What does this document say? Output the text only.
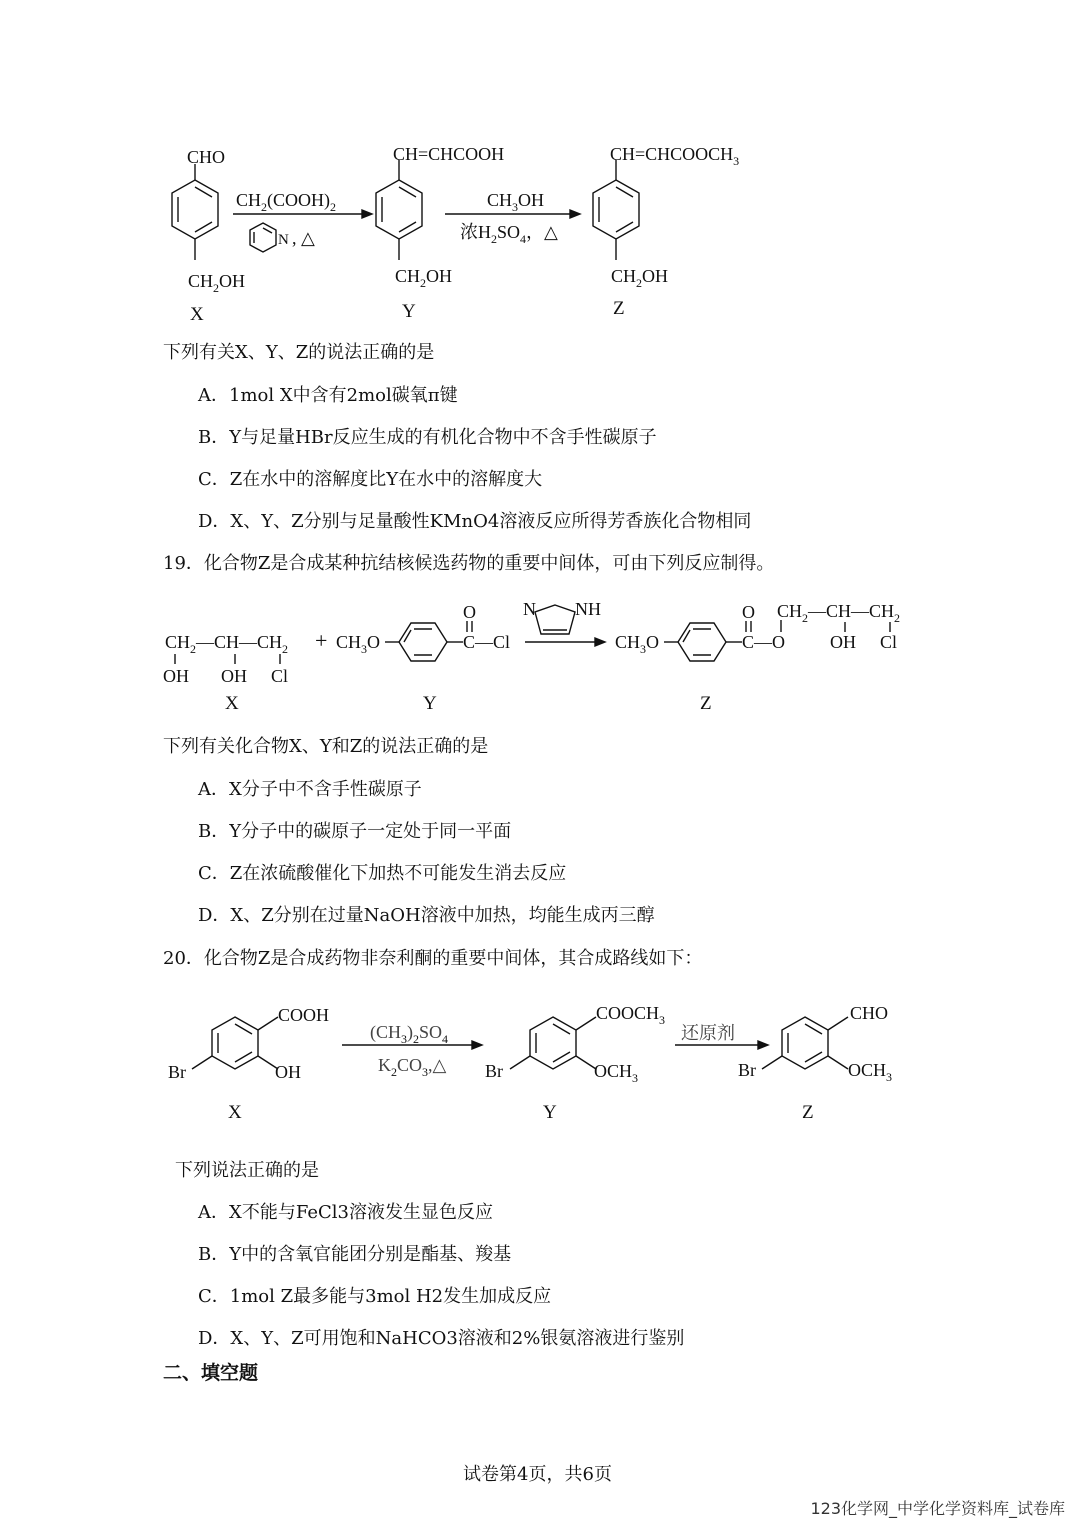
CHO
$CH_2OH$
X
$CH_2(COOH)_2$
N , △
CH=CHCOOH
$CH_2OH$
Y
$CH_3OH$
浓$H_2SO_4$，△
$CH=CHCOOCH_3$
$CH_2OH$
Z
下列有关X、Y、Z的说法正确的是
A．1mol X中含有2mol碳氧π键
B．Y与足量HBr反应生成的有机化合物中不含手性碳原子
C．Z在水中的溶解度比Y在水中的溶解度大
D．X、Y、Z分别与足量酸性KMnO4溶液反应所得芳香族化合物相同
19．化合物Z是合成某种抗结核候选药物的重要中间体，可由下列反应制得。
$CH_2—CH—CH_2$
OH OH Cl
X
+ $CH_3O$
O
C—Cl
Y
N NH
$CH_3O$
O
C—O
$CH_2—CH—CH_2$
OH Cl
Z
下列有关化合物X、Y和Z的说法正确的是
A．X分子中不含手性碳原子
B．Y分子中的碳原子一定处于同一平面
C．Z在浓硫酸催化下加热不可能发生消去反应
D．X、Z分别在过量NaOH溶液中加热，均能生成丙三醇
20．化合物Z是合成药物非奈利酮的重要中间体，其合成路线如下：
COOH
Br	OH
X
$(CH_3)_2SO_4$
$K_2CO_3,\triangle$
$COOCH_3$
Br	$OCH_3$
Y
还原剂
CHO
Br	$OCH_3$
Z
下列说法正确的是
A．X不能与FeCl3溶液发生显色反应
B．Y中的含氧官能团分别是酯基、羧基
C．1mol Z最多能与3mol H2发生加成反应
D．X、Y、Z可用饱和NaHCO3溶液和2%银氨溶液进行鉴别
二、填空题
试卷第4页，共6页
123化学网_中学化学资料库_试卷库
